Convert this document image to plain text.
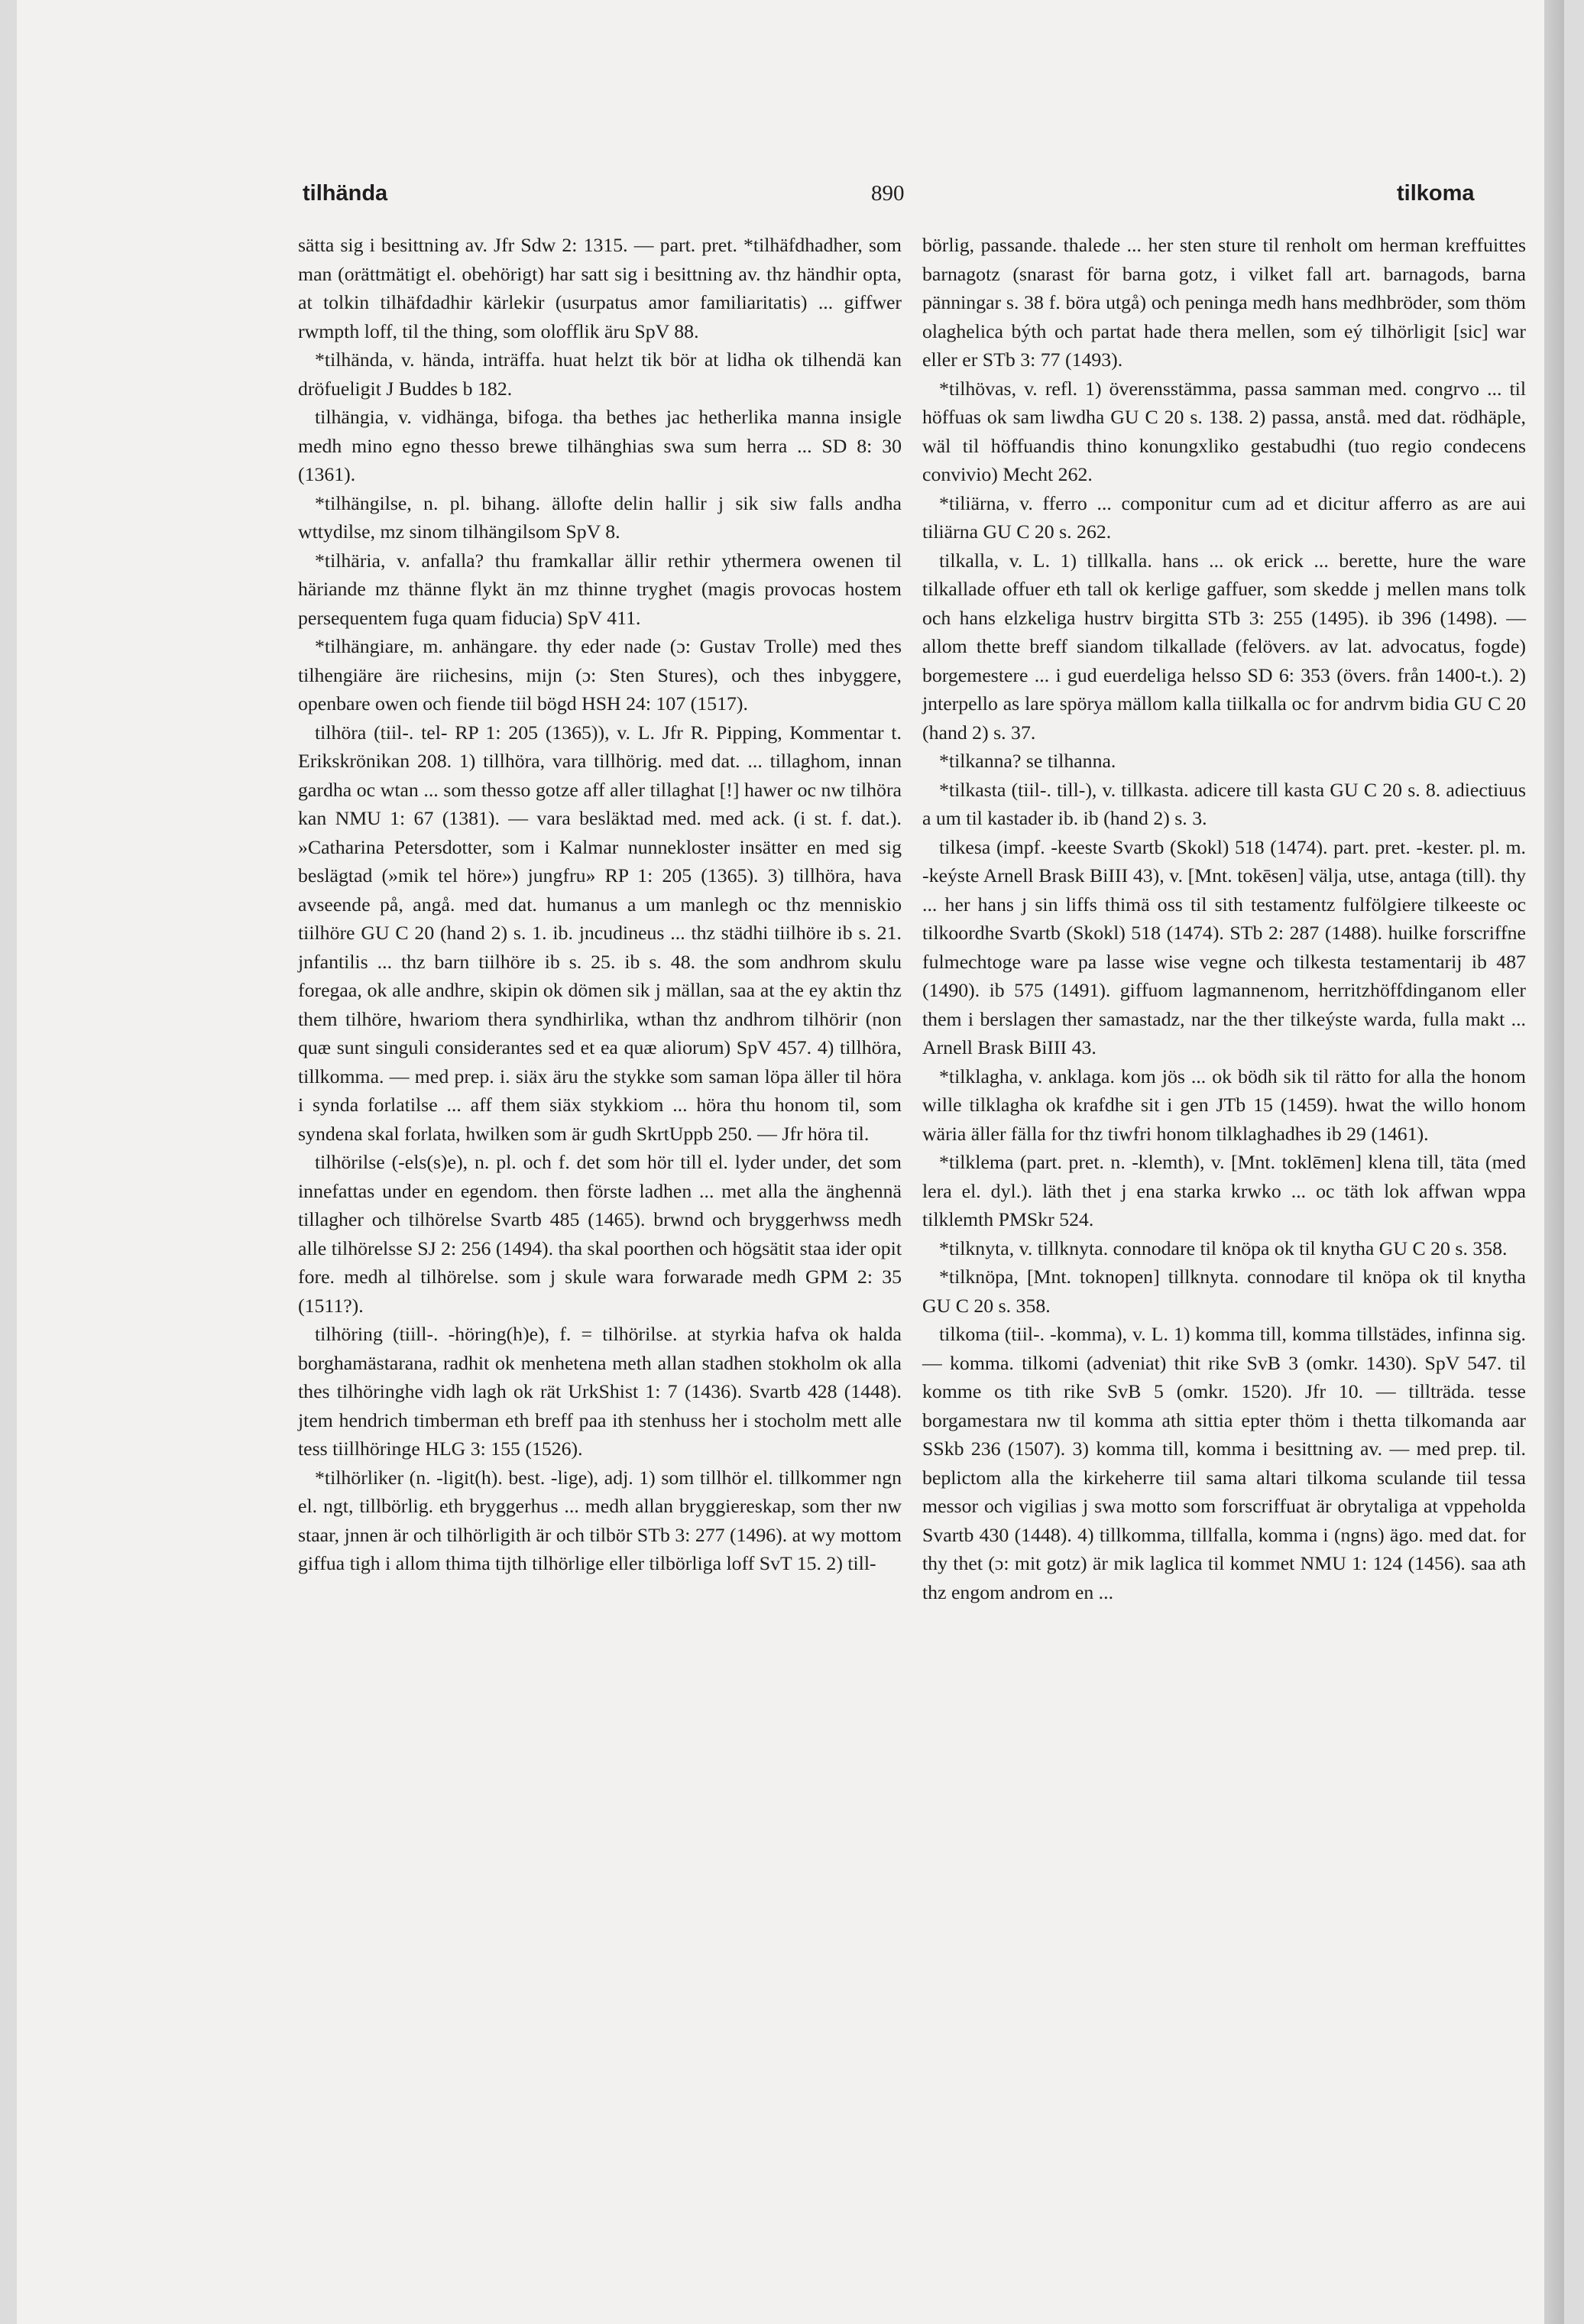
tilhända	890	tilkoma

sätta sig i besittning av. Jfr Sdw 2: 1315. — part. pret. *tilhäfdhadher, som man (orättmätigt el. obehörigt) har satt sig i besittning av. thz händhir opta, at tolkin tilhäfdadhir kärlekir (usurpatus amor familiaritatis) ... giffwer rwmpth loff, til the thing, som olofflik äru SpV 88.

*tilhända, v. hända, inträffa. huat helzt tik bör at lidha ok tilhendä kan dröfueligit J Buddes b 182.

tilhängia, v. vidhänga, bifoga. tha bethes jac hetherlika manna insigle medh mino egno thesso brewe tilhänghias swa sum herra ... SD 8: 30 (1361).

*tilhängilse, n. pl. bihang. ällofte delin hallir j sik siw falls andha wttydilse, mz sinom tilhängilsom SpV 8.

*tilhäria, v. anfalla? thu framkallar ällir rethir ythermera owenen til häriande mz thänne flykt än mz thinne tryghet (magis provocas hostem persequentem fuga quam fiducia) SpV 411.

*tilhängiare, m. anhängare. thy eder nade (ɔ: Gustav Trolle) med thes tilhengiäre äre riichesins, mijn (ɔ: Sten Stures), och thes inbyggere, openbare owen och fiende tiil bögd HSH 24: 107 (1517).

tilhöra (tiil-. tel- RP 1: 205 (1365)), v. L. Jfr R. Pipping, Kommentar t. Erikskrönikan 208. 1) tillhöra, vara tillhörig. med dat. ... tillaghom, innan gardha oc wtan ... som thesso gotze aff aller tillaghat [!] hawer oc nw tilhöra kan NMU 1: 67 (1381). — vara besläktad med. med ack. (i st. f. dat.). »Catharina Petersdotter, som i Kalmar nunnekloster insätter en med sig beslägtad (»mik tel höre») jungfru» RP 1: 205 (1365). 3) tillhöra, hava avseende på, angå. med dat. humanus a um manlegh oc thz menniskio tiilhöre GU C 20 (hand 2) s. 1. ib. jncudineus ... thz städhi tiilhöre ib s. 21. jnfantilis ... thz barn tiilhöre ib s. 25. ib s. 48. the som andhrom skulu foregaa, ok alle andhre, skipin ok dömen sik j mällan, saa at the ey aktin thz them tilhöre, hwariom thera syndhirlika, wthan thz andhrom tilhörir (non quæ sunt singuli considerantes sed et ea quæ aliorum) SpV 457. 4) tillhöra, tillkomma. — med prep. i. siäx äru the stykke som saman löpa äller til höra i synda forlatilse ... aff them siäx stykkiom ... höra thu honom til, som syndena skal forlata, hwilken som är gudh SkrtUppb 250. — Jfr höra til.

tilhörilse (-els(s)e), n. pl. och f. det som hör till el. lyder under, det som innefattas under en egendom. then förste ladhen ... met alla the änghennä tillagher och tilhörelse Svartb 485 (1465). brwnd och bryggerhwss medh alle tilhörelsse SJ 2: 256 (1494). tha skal poorthen och högsätit staa ider opit fore. medh al tilhörelse. som j skule wara forwarade medh GPM 2: 35 (1511?).

tilhöring (tiill-. -höring(h)e), f. = tilhörilse. at styrkia hafva ok halda borghamästarana, radhit ok menhetena meth allan stadhen stokholm ok alla thes tilhöringhe vidh lagh ok rät UrkShist 1: 7 (1436). Svartb 428 (1448). jtem hendrich timberman eth breff paa ith stenhuss her i stocholm mett alle tess tiillhöringe HLG 3: 155 (1526).

*tilhörliker (n. -ligit(h). best. -lige), adj. 1) som tillhör el. tillkommer ngn el. ngt, tillbörlig. eth bryggerhus ... medh allan bryggiereskap, som ther nw staar, jnnen är och tilhörligith är och tilbör STb 3: 277 (1496). at wy mottom giffua tigh i allom thima tijth tilhörlige eller tilbörliga loff SvT 15. 2) till-

börlig, passande. thalede ... her sten sture til renholt om herman kreffuittes barnagotz (snarast för barna gotz, i vilket fall art. barnagods, barna pänningar s. 38 f. böra utgå) och peninga medh hans medhbröder, som thöm olaghelica býth och partat hade thera mellen, som eý tilhörligit [sic] war eller er STb 3: 77 (1493).

*tilhövas, v. refl. 1) överensstämma, passa samman med. congrvo ... til höffuas ok sam liwdha GU C 20 s. 138. 2) passa, anstå. med dat. rödhäple, wäl til höffuandis thino konungxliko gestabudhi (tuo regio condecens convivio) Mecht 262.

*tiliärna, v. fferro ... componitur cum ad et dicitur afferro as are aui tiliärna GU C 20 s. 262.

tilkalla, v. L. 1) tillkalla. hans ... ok erick ... berette, hure the ware tilkallade offuer eth tall ok kerlige gaffuer, som skedde j mellen mans tolk och hans elzkeliga hustrv birgitta STb 3: 255 (1495). ib 396 (1498). — allom thette breff siandom tilkallade (felövers. av lat. advocatus, fogde) borgemestere ... i gud euerdeliga helsso SD 6: 353 (övers. från 1400-t.). 2) jnterpello as lare spörya mällom kalla tiilkalla oc for andrvm bidia GU C 20 (hand 2) s. 37.

*tilkanna? se tilhanna.

*tilkasta (tiil-. till-), v. tillkasta. adicere till kasta GU C 20 s. 8. adiectiuus a um til kastader ib. ib (hand 2) s. 3.

tilkesa (impf. -keeste Svartb (Skokl) 518 (1474). part. pret. -kester. pl. m. -keýste Arnell Brask BiIII 43), v. [Mnt. tokēsen] välja, utse, antaga (till). thy ... her hans j sin liffs thimä oss til sith testamentz fulfölgiere tilkeeste oc tilkoordhe Svartb (Skokl) 518 (1474). STb 2: 287 (1488). huilke forscriffne fulmechtoge ware pa lasse wise vegne och tilkesta testamentarij ib 487 (1490). ib 575 (1491). giffuom lagmannenom, herritzhöffdinganom eller them i berslagen ther samastadz, nar the ther tilkeýste warda, fulla makt ... Arnell Brask BiIII 43.

*tilklagha, v. anklaga. kom jös ... ok bödh sik til rätto for alla the honom wille tilklagha ok krafdhe sit i gen JTb 15 (1459). hwat the willo honom wäria äller fälla for thz tiwfri honom tilklaghadhes ib 29 (1461).

*tilklema (part. pret. n. -klemth), v. [Mnt. toklēmen] klena till, täta (med lera el. dyl.). läth thet j ena starka krwko ... oc täth lok affwan wppa tilklemth PMSkr 524.

*tilknyta, v. tillknyta. connodare til knöpa ok til knytha GU C 20 s. 358.

*tilknöpa, [Mnt. toknopen] tillknyta. connodare til knöpa ok til knytha GU C 20 s. 358.

tilkoma (tiil-. -komma), v. L. 1) komma till, komma tillstädes, infinna sig. — komma. tilkomi (adveniat) thit rike SvB 3 (omkr. 1430). SpV 547. til komme os tith rike SvB 5 (omkr. 1520). Jfr 10. — tillträda. tesse borgamestara nw til komma ath sittia epter thöm i thetta tilkomanda aar SSkb 236 (1507). 3) komma till, komma i besittning av. — med prep. til. beplictom alla the kirkeherre tiil sama altari tilkoma sculande tiil tessa messor och vigilias j swa motto som forscriffuat är obrytaliga at vppeholda Svartb 430 (1448). 4) tillkomma, tillfalla, komma i (ngns) ägo. med dat. for thy thet (ɔ: mit gotz) är mik laglica til kommet NMU 1: 124 (1456). saa ath thz engom androm en ...
